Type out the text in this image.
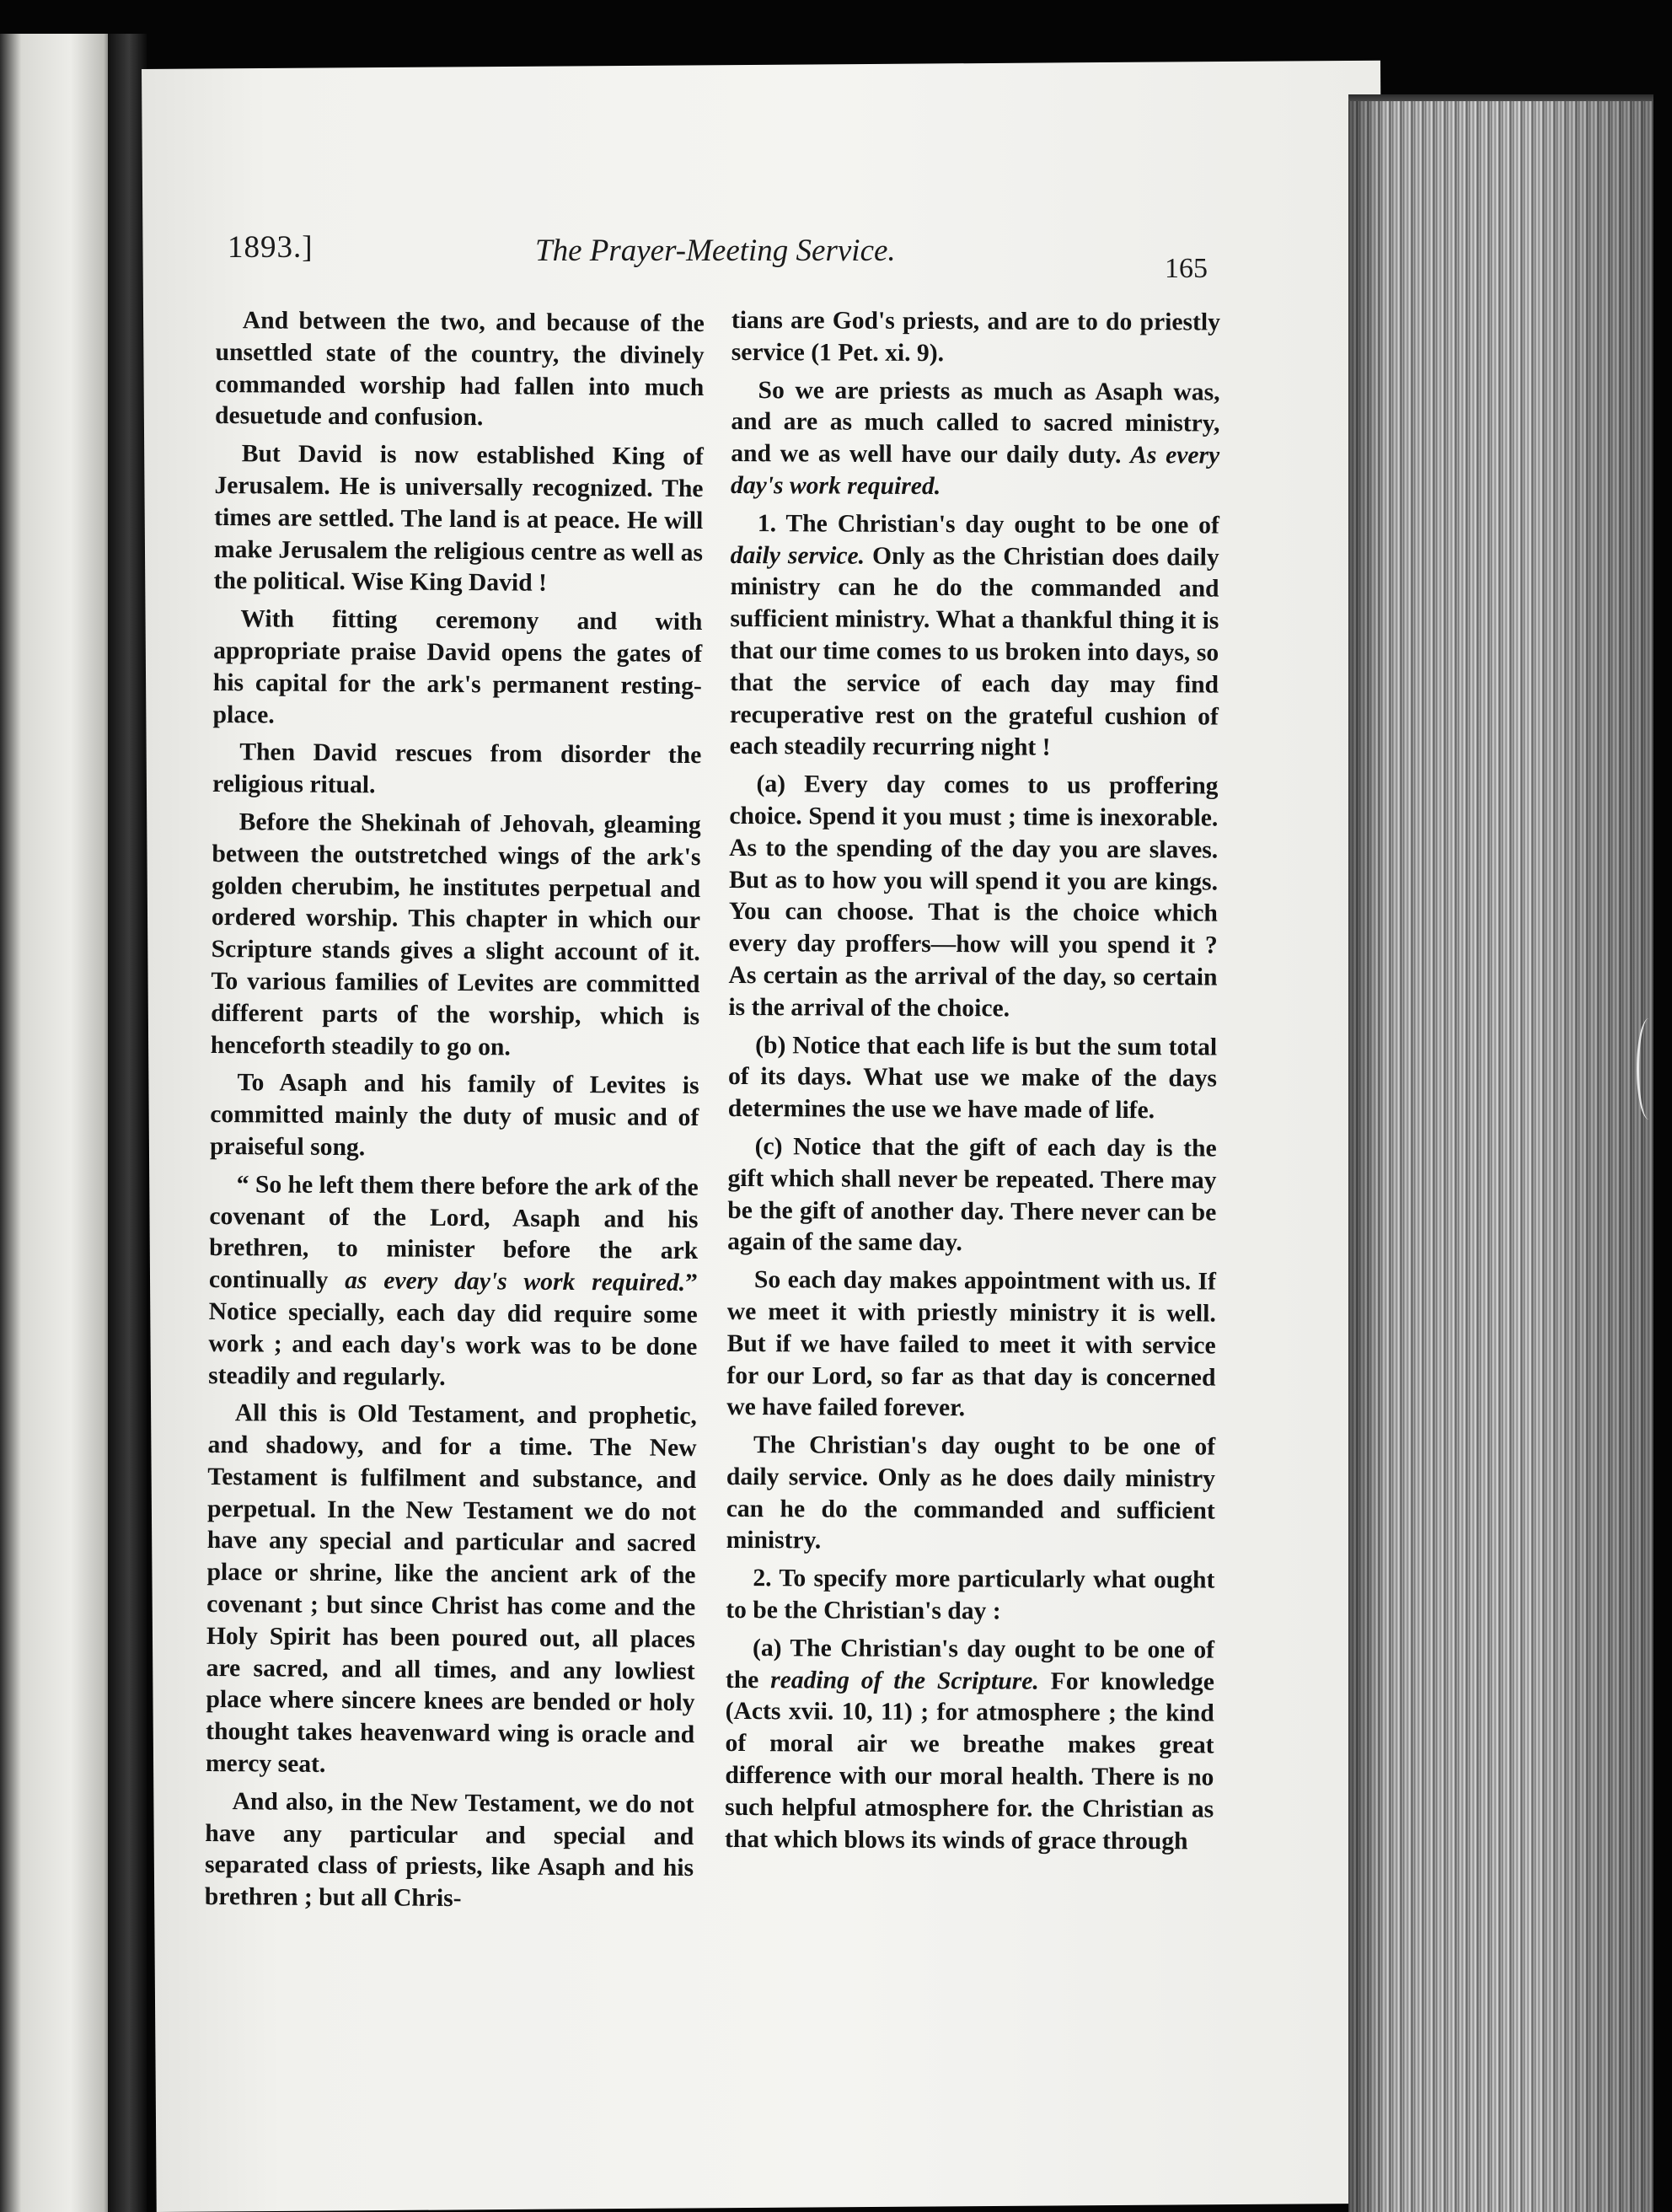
1893.]	The Prayer-Meeting Service.
165

And between the two, and because of the unsettled state of the country, the divinely commanded worship had fallen into much desuetude and confusion.

But David is now established King of Jerusalem. He is universally recognized. The times are settled. The land is at peace. He will make Jerusalem the religious centre as well as the political. Wise King David !

With fitting ceremony and with appropriate praise David opens the gates of his capital for the ark's permanent resting-place.

Then David rescues from disorder the religious ritual.

Before the Shekinah of Jehovah, gleaming between the outstretched wings of the ark's golden cherubim, he institutes perpetual and ordered worship. This chapter in which our Scripture stands gives a slight account of it. To various families of Levites are committed different parts of the worship, which is henceforth steadily to go on.

To Asaph and his family of Levites is committed mainly the duty of music and of praiseful song.

“ So he left them there before the ark of the covenant of the Lord, Asaph and his brethren, to minister before the ark continually as every day's work required.” Notice specially, each day did require some work ; and each day's work was to be done steadily and regularly.

All this is Old Testament, and prophetic, and shadowy, and for a time. The New Testament is fulfilment and substance, and perpetual. In the New Testament we do not have any special and particular and sacred place or shrine, like the ancient ark of the covenant ; but since Christ has come and the Holy Spirit has been poured out, all places are sacred, and all times, and any lowliest place where sincere knees are bended or holy thought takes heavenward wing is oracle and mercy seat.

And also, in the New Testament, we do not have any particular and special and separated class of priests, like Asaph and his brethren ; but all Chris-

tians are God's priests, and are to do priestly service (1 Pet. xi. 9).

So we are priests as much as Asaph was, and are as much called to sacred ministry, and we as well have our daily duty. As every day's work required.

1. The Christian's day ought to be one of daily service. Only as the Christian does daily ministry can he do the commanded and sufficient ministry. What a thankful thing it is that our time comes to us broken into days, so that the service of each day may find recuperative rest on the grateful cushion of each steadily recurring night !

(a) Every day comes to us proffering choice. Spend it you must ; time is inexorable. As to the spending of the day you are slaves. But as to how you will spend it you are kings. You can choose. That is the choice which every day proffers—how will you spend it ? As certain as the arrival of the day, so certain is the arrival of the choice.

(b) Notice that each life is but the sum total of its days. What use we make of the days determines the use we have made of life.

(c) Notice that the gift of each day is the gift which shall never be repeated. There may be the gift of another day. There never can be again of the same day.

So each day makes appointment with us. If we meet it with priestly ministry it is well. But if we have failed to meet it with service for our Lord, so far as that day is concerned we have failed forever.

The Christian's day ought to be one of daily service. Only as he does daily ministry can he do the commanded and sufficient ministry.

2. To specify more particularly what ought to be the Christian's day :

(a) The Christian's day ought to be one of the reading of the Scripture. For knowledge (Acts xvii. 10, 11) ; for atmosphere ; the kind of moral air we breathe makes great difference with our moral health. There is no such helpful atmosphere for. the Christian as that which blows its winds of grace through
